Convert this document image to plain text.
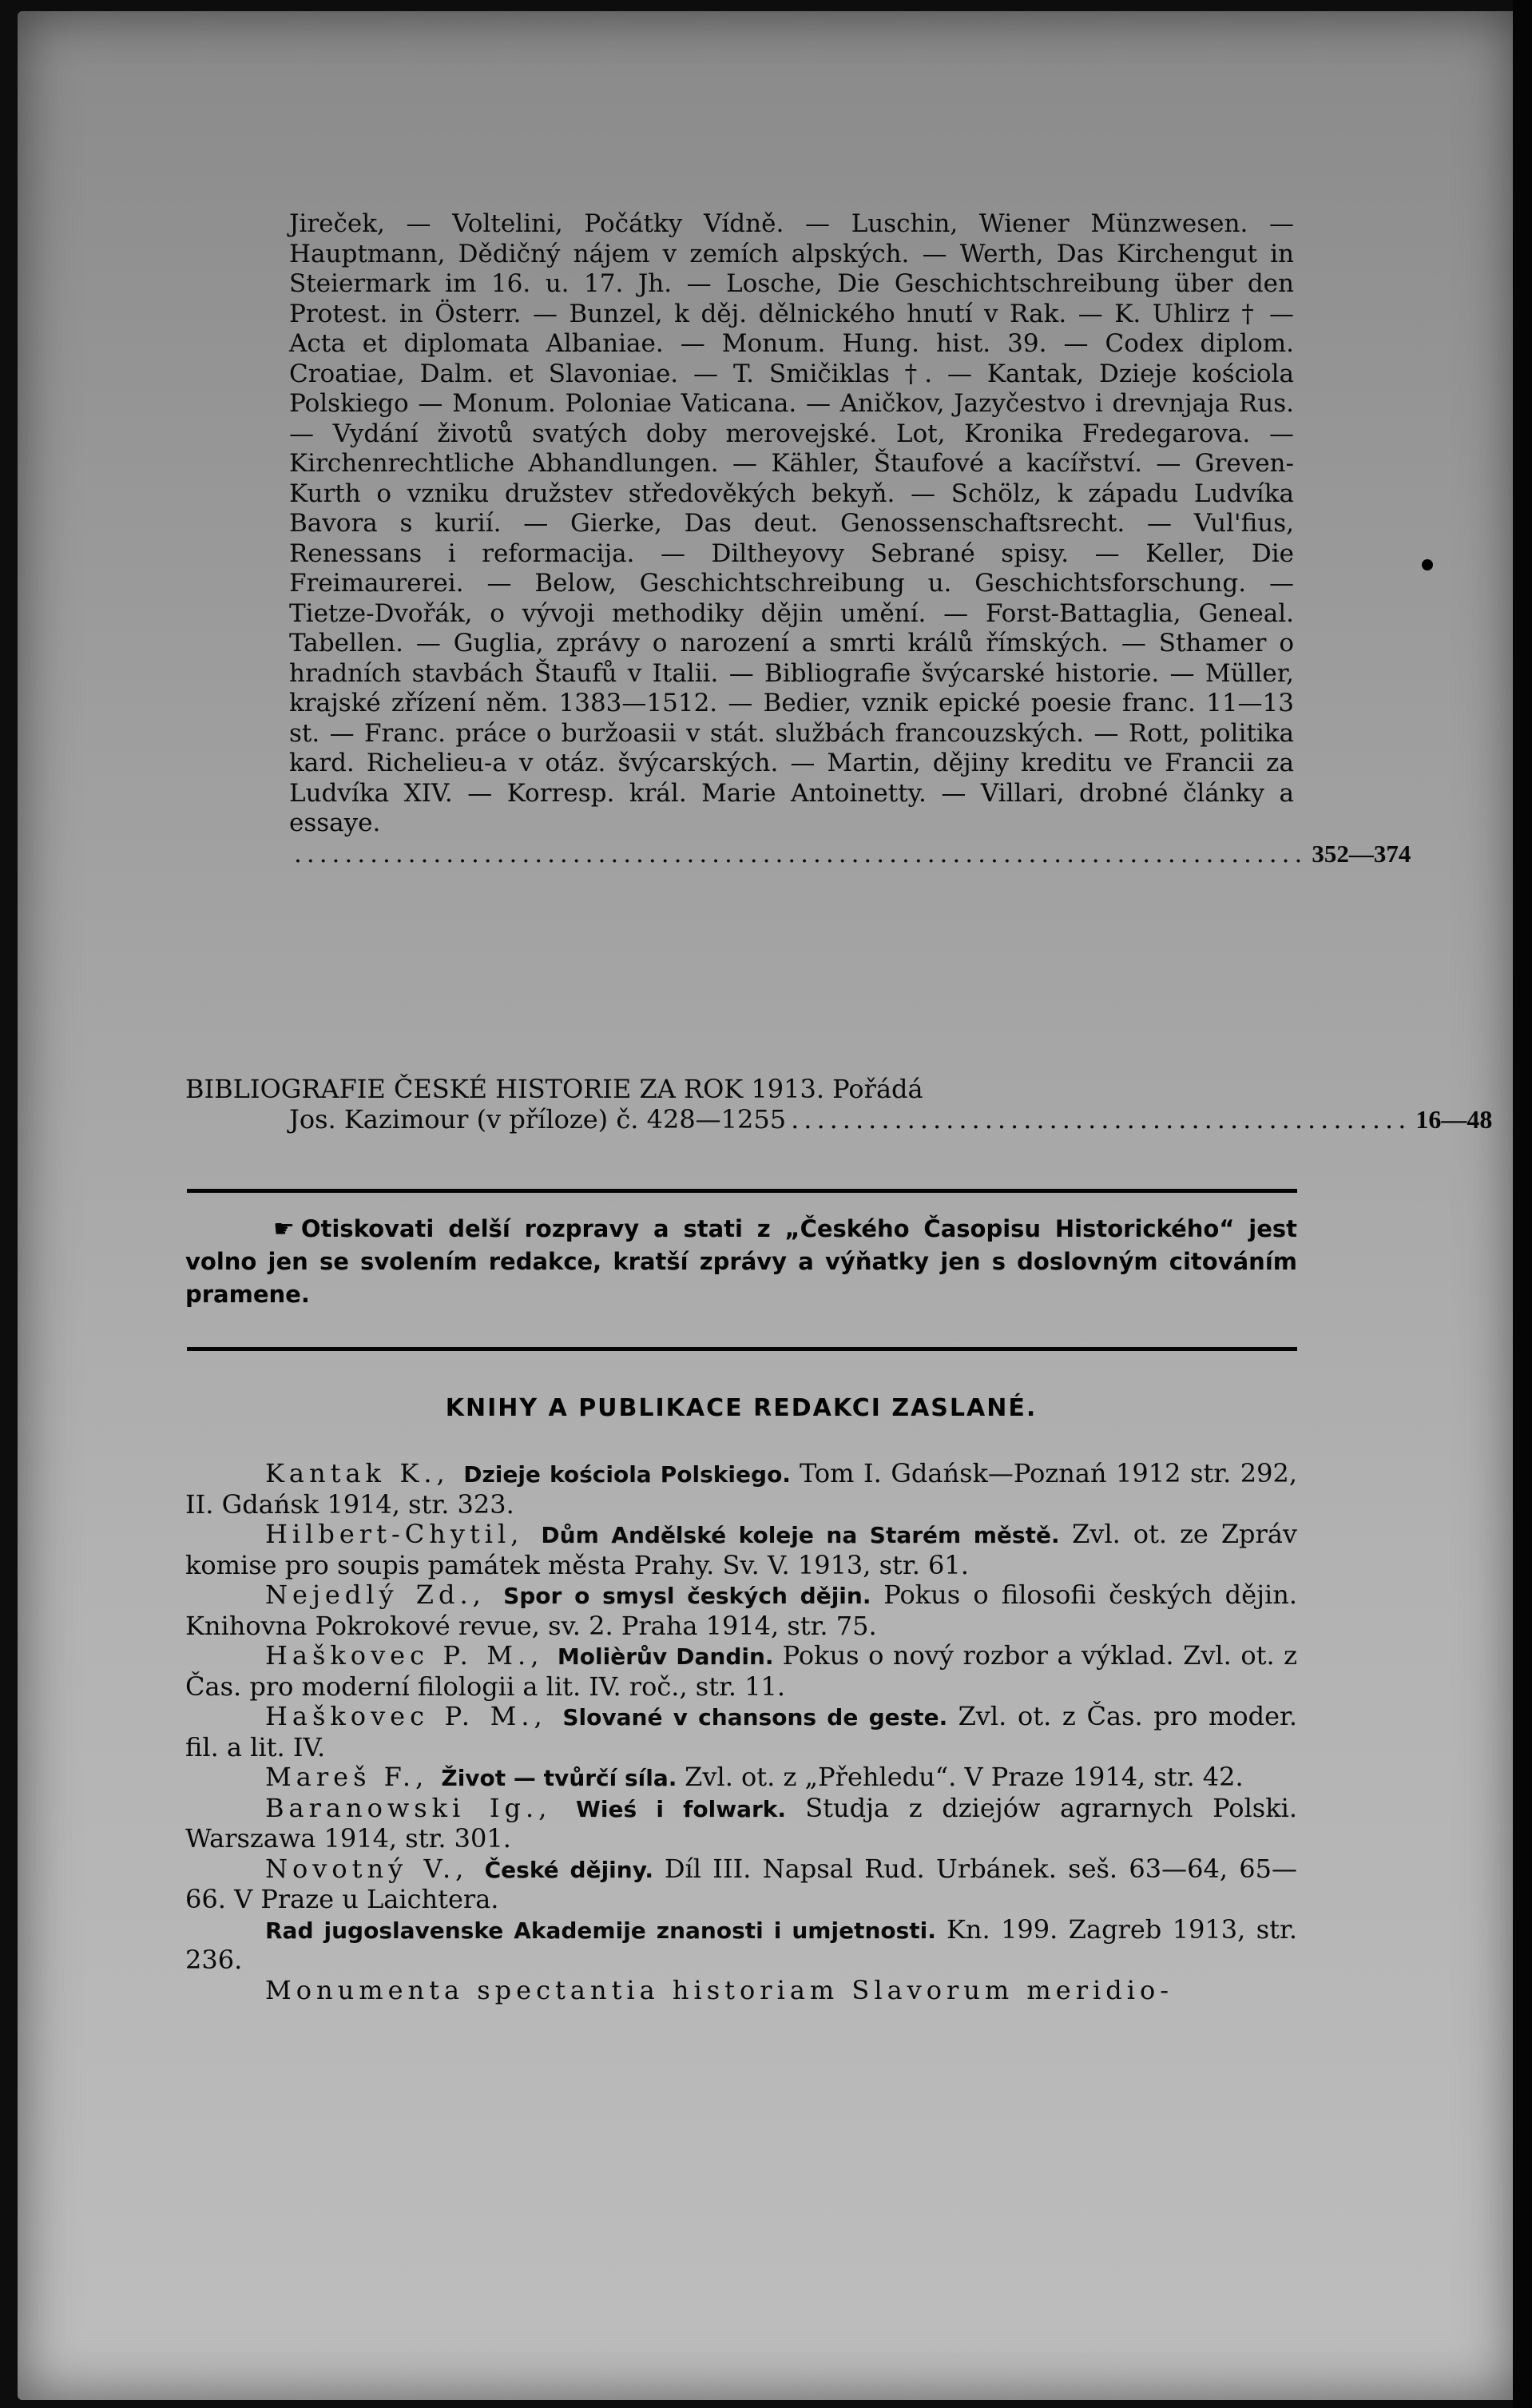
Jireček, — Voltelini, Počátky Vídně. — Luschin, Wiener Münzwesen. — Hauptmann, Dědičný nájem v zemích alpských. — Werth, Das Kirchengut in Steiermark im 16. u. 17. Jh. — Losche, Die Geschichtschreibung über den Protest. in Österr. — Bunzel, k děj. dělnického hnutí v Rak. — K. Uhlirz † — Acta et diplomata Albaniae. — Monum. Hung. hist. 39. — Codex diplom. Croatiae, Dalm. et Slavoniae. — T. Smičiklas †. — Kantak, Dzieje kościola Polskiego — Monum. Poloniae Vaticana. — Aničkov, Jazyčestvo i drevnjaja Rus. — Vydání životů svatých doby merovejské. Lot, Kronika Fredegarova. — Kirchenrechtliche Abhandlungen. — Kähler, Štaufové a kacířství. — Greven-Kurth o vzniku družstev středověkých bekyň. — Schölz, k západu Ludvíka Bavora s kurií. — Gierke, Das deut. Genossenschaftsrecht. — Vul'fius, Renessans i reformacija. — Diltheyovy Sebrané spisy. — Keller, Die Freimaurerei. — Below, Geschichtschreibung u. Geschichtsforschung. — Tietze-Dvořák, o vývoji methodiky dějin umění. — Forst-Battaglia, Geneal. Tabellen. — Guglia, zprávy o narození a smrti králů římských. — Sthamer o hradních stavbách Štaufů v Italii. — Bibliografie švýcarské historie. — Müller, krajské zřízení něm. 1383—1512. — Bedier, vznik epické poesie franc. 11—13 st. — Franc. práce o buržoasii v stát. službách francouzských. — Rott, politika kard. Richelieu-a v otáz. švýcarských. — Martin, dějiny kreditu ve Francii za Ludvíka XIV. — Korresp. král. Marie Antoinetty. — Villari, drobné články a essaye.
................................................................................ 352—374
BIBLIOGRAFIE ČESKÉ HISTORIE ZA ROK 1913. Pořádá
Jos. Kazimour (v příloze) č. 428—1255 ................................................ 16—48
☛ Otiskovati delší rozpravy a stati z „Českého Časopisu Historického“ jest volno jen se svolením redakce, kratší zprávy a výňatky jen s doslovným citováním pramene.
KNIHY A PUBLIKACE REDAKCI ZASLANÉ.

Kantak K., Dzieje kościola Polskiego. Tom I. Gdańsk—Poznań 1912 str. 292, II. Gdańsk 1914, str. 323.

Hilbert-Chytil, Dům Andělské koleje na Starém městě. Zvl. ot. ze Zpráv komise pro soupis památek města Prahy. Sv. V. 1913, str. 61.

Nejedlý Zd., Spor o smysl českých dějin. Pokus o filosofii českých dějin. Knihovna Pokrokové revue, sv. 2. Praha 1914, str. 75.

Haškovec P. M., Molièrův Dandin. Pokus o nový rozbor a výklad. Zvl. ot. z Čas. pro moderní filologii a lit. IV. roč., str. 11.

Haškovec P. M., Slované v chansons de geste. Zvl. ot. z Čas. pro moder. fil. a lit. IV.

Mareš F., Život — tvůrčí síla. Zvl. ot. z „Přehledu“. V Praze 1914, str. 42.

Baranowski Ig., Wieś i folwark. Studja z dziejów agrarnych Polski. Warszawa 1914, str. 301.

Novotný V., České dějiny. Díl III. Napsal Rud. Urbánek. seš. 63—64, 65—66. V Praze u Laichtera.

Rad jugoslavenske Akademije znanosti i umjetnosti. Kn. 199. Zagreb 1913, str. 236.

Monumenta spectantia historiam Slavorum meridio-
